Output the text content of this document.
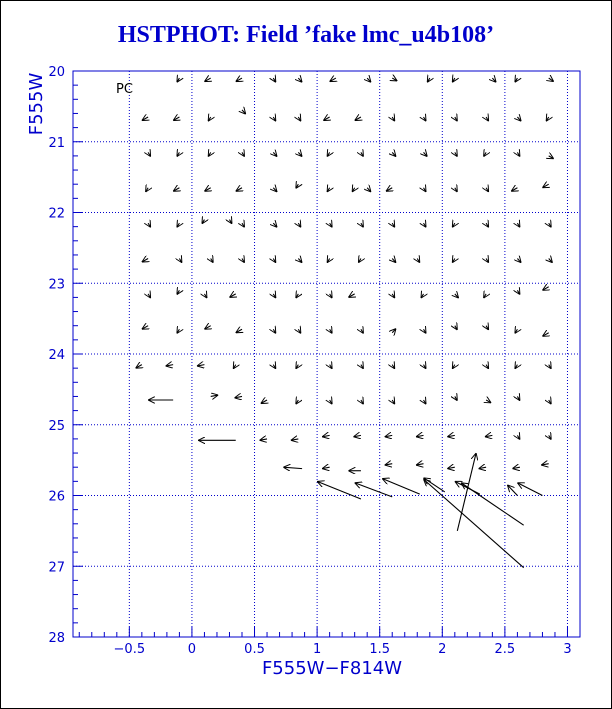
HSTPHOT: Field ’fake lmc_u4b108’
−0.5	0	0.5	1	1.5	2	2.5	3
20
21
22
23
24
25
26
27
28
PC
F555W−F814W
F555W
